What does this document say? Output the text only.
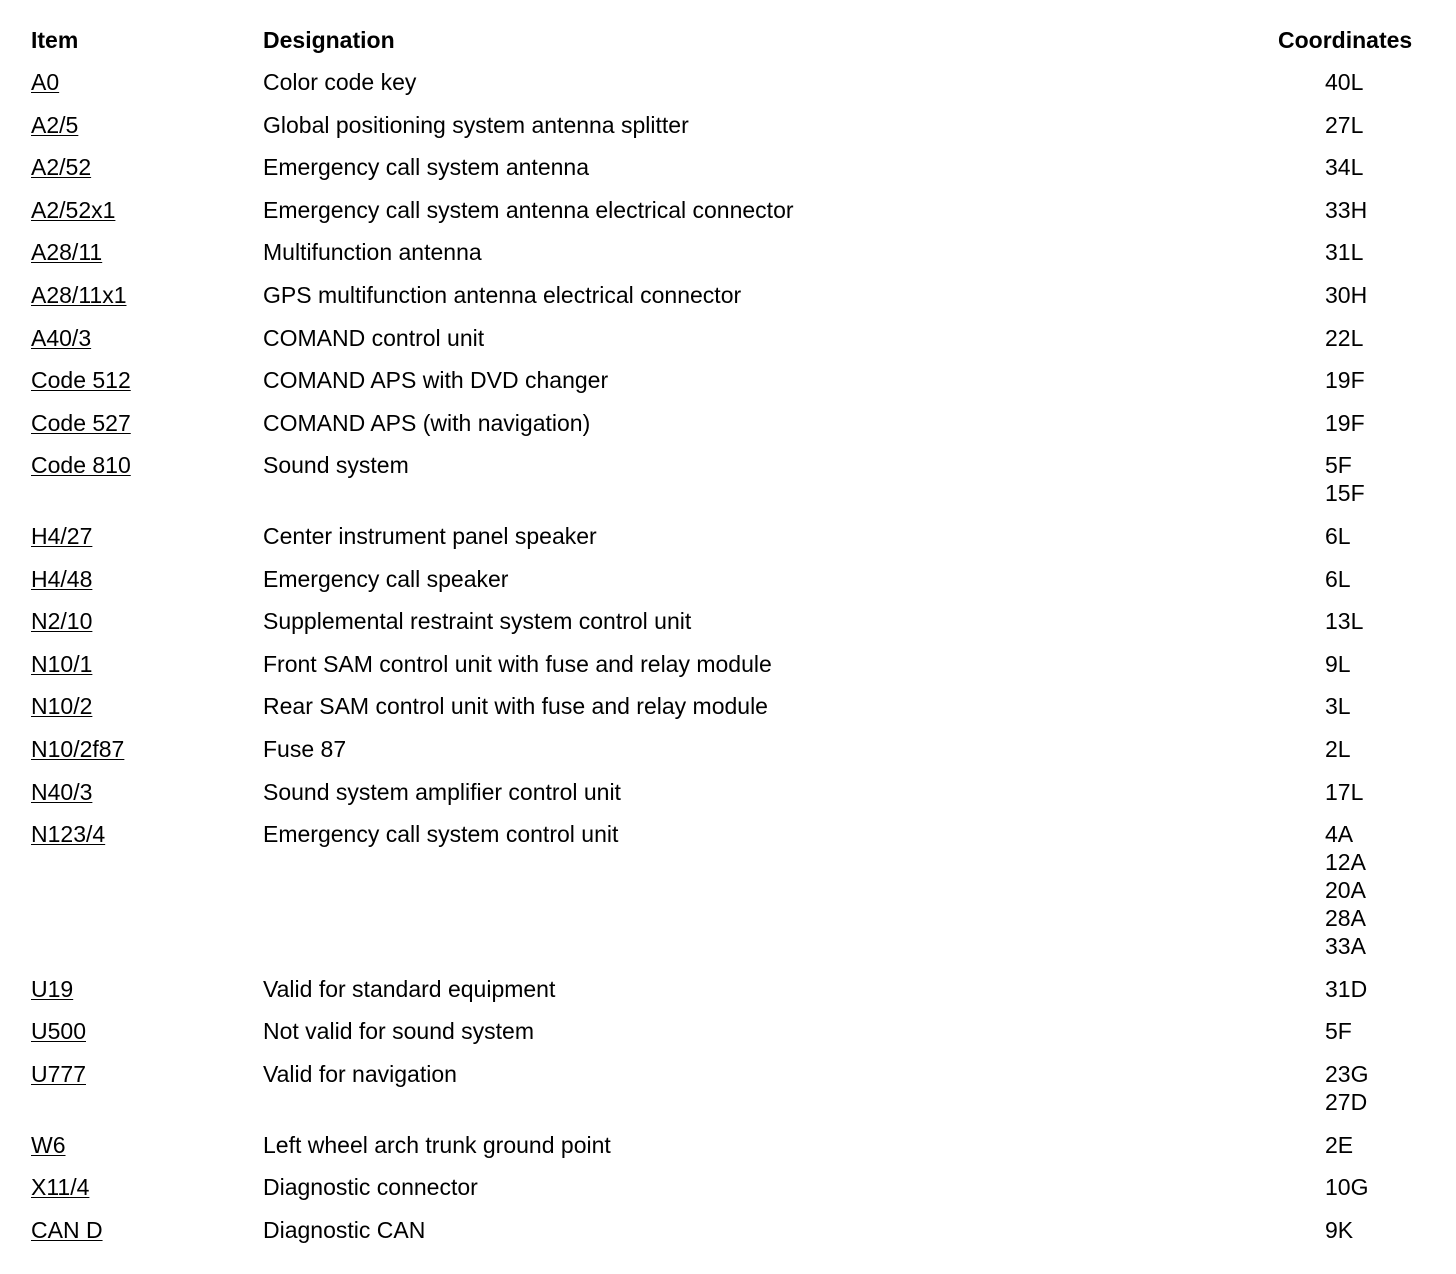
Item	Designation	Coordinates
A0	Color code key	40L
A2/5	Global positioning system antenna splitter	27L
A2/52	Emergency call system antenna	34L
A2/52x1	Emergency call system antenna electrical connector	33H
A28/11	Multifunction antenna	31L
A28/11x1	GPS multifunction antenna electrical connector	30H
A40/3	COMAND control unit	22L
Code 512	COMAND APS with DVD changer	19F
Code 527	COMAND APS (with navigation)	19F
Code 810	Sound system	5F
15F
H4/27	Center instrument panel speaker	6L
H4/48	Emergency call speaker	6L
N2/10	Supplemental restraint system control unit	13L
N10/1	Front SAM control unit with fuse and relay module	9L
N10/2	Rear SAM control unit with fuse and relay module	3L
N10/2f87	Fuse 87	2L
N40/3	Sound system amplifier control unit	17L
N123/4	Emergency call system control unit	4A
12A
20A
28A
33A
U19	Valid for standard equipment	31D
U500	Not valid for sound system	5F
U777	Valid for navigation	23G
27D
W6	Left wheel arch trunk ground point	2E
X11/4	Diagnostic connector	10G
CAN D	Diagnostic CAN	9K
